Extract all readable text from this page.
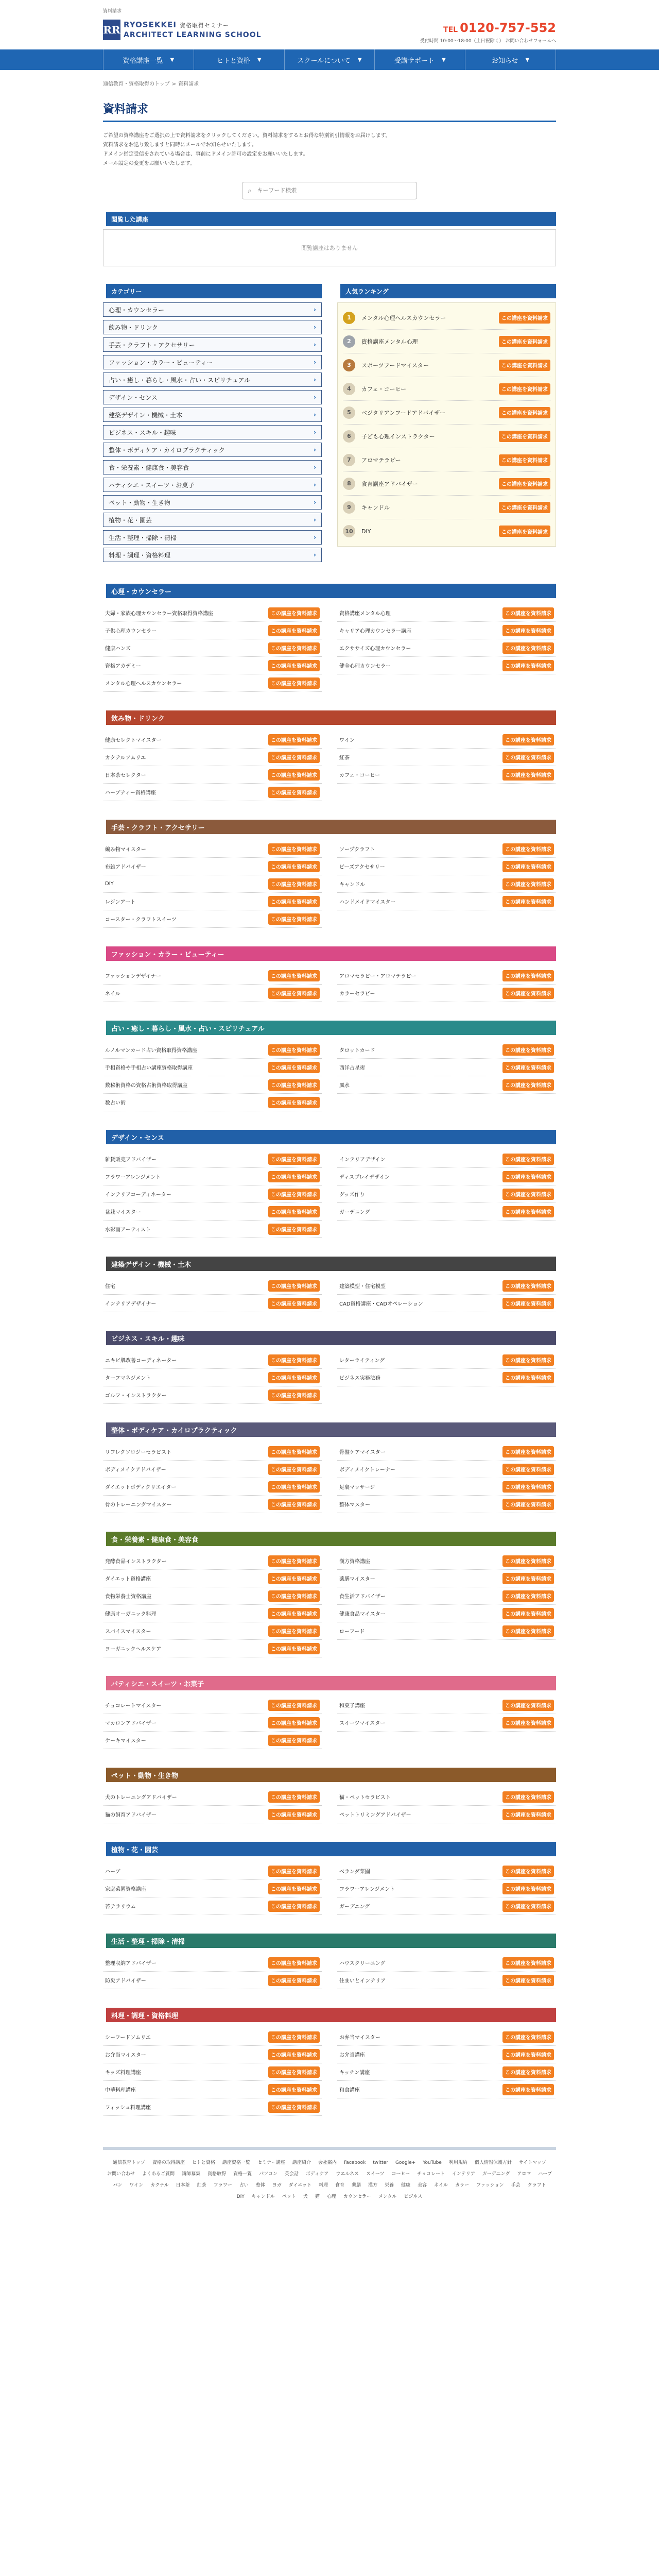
資料請求
RR RYOSEKKEI 資格取得セミナー
ARCHITECT LEARNING SCHOOL
TEL 0120-757-552
受付時間 10:00〜18:00（土日祝除く） お問い合わせフォームへ
資格講座一覧 ▼	ヒトと資格 ▼	スクールについて ▼	受講サポート ▼	お知らせ ▼
通信教育・資格取得のトップ > 資料請求
資料請求

ご希望の資格講座をご選択の上で資料請求をクリックしてください。資料請求をするとお得な特別割引情報をお届けします。

資料請求をお送り致しますと同時にメールでお知らせいたします。

ドメイン指定受信をされている場合は、事前にドメイン許可の設定をお願いいたします。

メール設定の変更をお願いいたします。

⌕
キーワード検索
閲覧した講座
閲覧講座はありません
カテゴリー
心理・カウンセラー	›
飲み物・ドリンク	›
手芸・クラフト・アクセサリー	›
ファッション・カラー・ビューティー	›
占い・癒し・暮らし・風水・占い・スピリチュアル	›
デザイン・センス	›
建築デザイン・機械・土木	›
ビジネス・スキル・趣味	›
整体・ボディケア・カイロプラクティック	›
食・栄養素・健康食・美容食	›
パティシエ・スイーツ・お菓子	›
ペット・動物・生き物	›
植物・花・園芸	›
生活・整理・掃除・清掃	›
料理・調理・資格料理	›
人気ランキング
1	メンタル心理ヘルスカウンセラー	この講座を資料請求
2	資格講座メンタル心理	この講座を資料請求
3	スポーツフードマイスター	この講座を資料請求
4	カフェ・コーヒー	この講座を資料請求
5	ベジタリアンフードアドバイザー	この講座を資料請求
6	子ども心理インストラクター	この講座を資料請求
7	アロマテラピー	この講座を資料請求
8	食育講座アドバイザー	この講座を資料請求
9	キャンドル	この講座を資料請求
10	DIY	この講座を資料請求
心理・カウンセラー
夫婦・家族心理カウンセラー資格取得資格講座	この講座を資料請求	資格講座メンタル心理	この講座を資料請求
子供心理カウンセラー	この講座を資料請求	キャリア心理カウンセラー講座	この講座を資料請求
健康ハンズ	この講座を資料請求	エクササイズ心理カウンセラー	この講座を資料請求
資格アカデミー	この講座を資料請求	健全心理カウンセラー	この講座を資料請求
メンタル心理ヘルスカウンセラー	この講座を資料請求
飲み物・ドリンク
健康セレクトマイスター	この講座を資料請求	ワイン	この講座を資料請求
カクテルソムリエ	この講座を資料請求	紅茶	この講座を資料請求
日本茶セレクター	この講座を資料請求	カフェ・コーヒー	この講座を資料請求
ハーブティー資格講座	この講座を資料請求
手芸・クラフト・アクセサリー
編み物マイスター	この講座を資料請求	ソープクラフト	この講座を資料請求
布雑アドバイザー	この講座を資料請求	ビーズアクセサリー	この講座を資料請求
DIY	この講座を資料請求	キャンドル	この講座を資料請求
レジンアート	この講座を資料請求	ハンドメイドマイスター	この講座を資料請求
コースター・クラフトスイーツ	この講座を資料請求
ファッション・カラー・ビューティー
ファッションデザイナー	この講座を資料請求	アロマセラピー・アロマテラピー	この講座を資料請求
ネイル	この講座を資料請求	カラーセラピー	この講座を資料請求
占い・癒し・暮らし・風水・占い・スピリチュアル
ルノルマンカード占い資格取得資格講座	この講座を資料請求	タロットカード	この講座を資料請求
手相資格や手相占い講座資格取得講座	この講座を資料請求	西洋占星術	この講座を資料請求
数秘術資格の資格占術資格取得講座	この講座を資料請求	風水	この講座を資料請求
数占い術	この講座を資料請求
デザイン・センス
雑貨販売アドバイザー	この講座を資料請求	インテリアデザイン	この講座を資料請求
フラワーアレンジメント	この講座を資料請求	ディスプレイデザイン	この講座を資料請求
インテリアコーディネーター	この講座を資料請求	グッズ作り	この講座を資料請求
盆栽マイスター	この講座を資料請求	ガーデニング	この講座を資料請求
水彩画アーティスト	この講座を資料請求
建築デザイン・機械・土木
住宅	この講座を資料請求	建築模型・住宅模型	この講座を資料請求
インテリアデザイナー	この講座を資料請求	CAD資格講座・CADオペレーション	この講座を資料請求
ビジネス・スキル・趣味
ニキビ肌改善コーディネーター	この講座を資料請求	レターライティング	この講座を資料請求
ターフマネジメント	この講座を資料請求	ビジネス実務法務	この講座を資料請求
ゴルフ・インストラクター	この講座を資料請求
整体・ボディケア・カイロプラクティック
リフレクソロジーセラピスト	この講座を資料請求	骨盤ケアマイスター	この講座を資料請求
ボディメイクアドバイザー	この講座を資料請求	ボディメイクトレーナー	この講座を資料請求
ダイエットボディクリエイター	この講座を資料請求	足裏マッサージ	この講座を資料請求
骨のトレーニングマイスター	この講座を資料請求	整体マスター	この講座を資料請求
食・栄養素・健康食・美容食
発酵食品インストラクター	この講座を資料請求	漢方資格講座	この講座を資料請求
ダイエット資格講座	この講座を資料請求	薬膳マイスター	この講座を資料請求
食物栄養士資格講座	この講座を資料請求	食生活アドバイザー	この講座を資料請求
健康オーガニック料理	この講座を資料請求	健康食品マイスター	この講座を資料請求
スパイスマイスター	この講座を資料請求	ローフード	この講座を資料請求
ヨーガニックヘルスケア	この講座を資料請求
パティシエ・スイーツ・お菓子
チョコレートマイスター	この講座を資料請求	和菓子講座	この講座を資料請求
マカロンアドバイザー	この講座を資料請求	スイーツマイスター	この講座を資料請求
ケーキマイスター	この講座を資料請求
ペット・動物・生き物
犬のトレーニングアドバイザー	この講座を資料請求	猫・ペットセラピスト	この講座を資料請求
猫の飼育アドバイザー	この講座を資料請求	ペットトリミングアドバイザー	この講座を資料請求
植物・花・園芸
ハーブ	この講座を資料請求	ベランダ菜園	この講座を資料請求
家庭菜園資格講座	この講座を資料請求	フラワーアレンジメント	この講座を資料請求
苔テラリウム	この講座を資料請求	ガーデニング	この講座を資料請求
生活・整理・掃除・清掃
整理収納アドバイザー	この講座を資料請求	ハウスクリーニング	この講座を資料請求
防災アドバイザー	この講座を資料請求	住まいとインテリア	この講座を資料請求
料理・調理・資格料理
シーフードソムリエ	この講座を資料請求	お弁当マイスター	この講座を資料請求
お弁当マイスター	この講座を資料請求	お弁当講座	この講座を資料請求
キッズ料理講座	この講座を資料請求	キッチン講座	この講座を資料請求
中華料理講座	この講座を資料請求	和食講座	この講座を資料請求
フィッシュ料理講座	この講座を資料請求
通信教育トップ 資格の取得講座 ヒトと資格 講座資格一覧 セミナー講座 講座紹介 会社案内 Facebook twitter Google+ YouTube 利用規約 個人情報保護方針 サイトマップお問い合わせ よくあるご質問 講師募集 資格取得 資格一覧 パソコン 英会話 ボディケア ウエルネス スイーツ コーヒー チョコレート インテリア ガーデニング アロマ ハーブパン ワイン カクテル 日本茶 紅茶 フラワー 占い 整体 ヨガ ダイエット 料理 食育 薬膳 漢方 栄養 健康 美容 ネイル カラー ファッション 手芸 クラフトDIY キャンドル ペット 犬 猫 心理 カウンセラー メンタル ビジネス
